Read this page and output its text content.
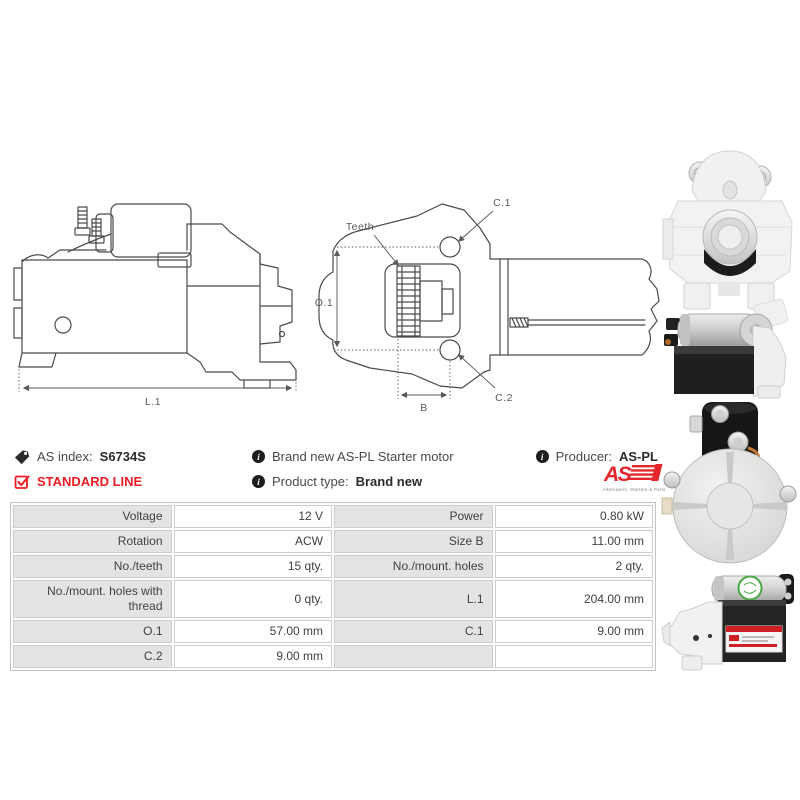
L.1
O.1
B
Teeth
C.1
C.2
AS index: S6734S
STANDARD LINE
i
Brand new AS-PL Starter motor
i
Product type: Brand new
i
Producer: AS-PL
AS
Alternators, Starters & Parts
Voltage	12 V	Power	0.80 kW
Rotation	ACW	Size B	11.00 mm
No./teeth	15 qty.	No./mount. holes	2 qty.
No./mount. holes with thread	0 qty.	L.1	204.00 mm
O.1	57.00 mm	C.1	9.00 mm
C.2	9.00 mm		
